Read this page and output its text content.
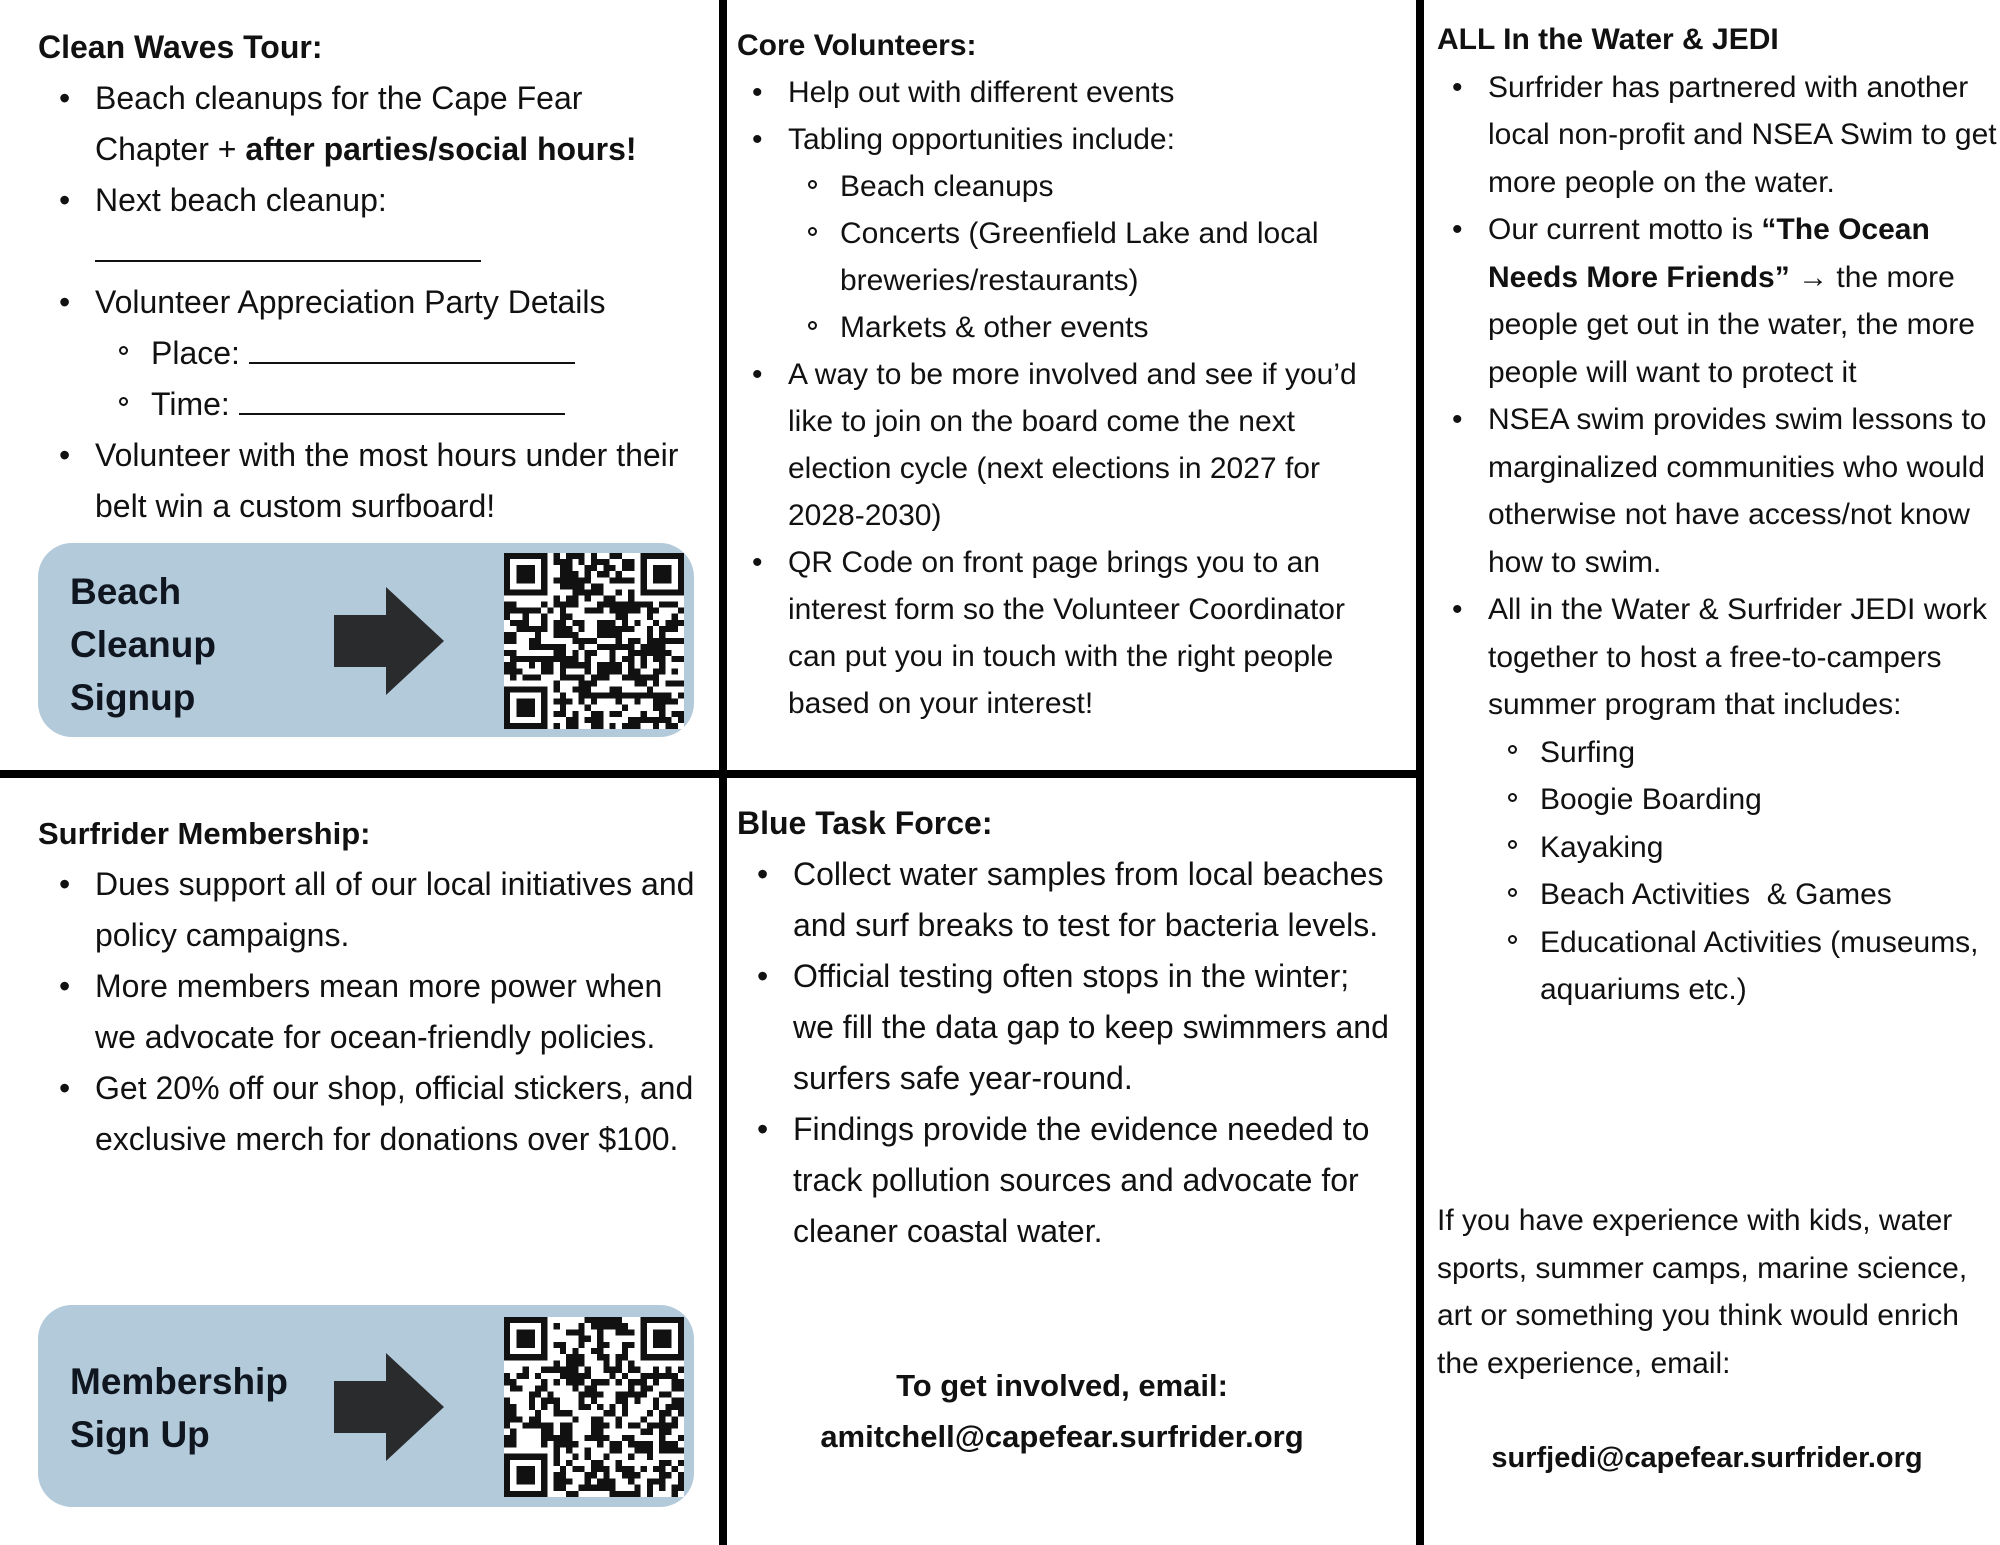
Clean Waves Tour:

• Beach cleanups for the Cape Fear Chapter + after parties/social hours!
• Next beach cleanup:

• Volunteer Appreciation Party Details
Place:
Time:
• Volunteer with the most hours under their belt win a custom surfboard!
Beach
Cleanup
Signup

Core Volunteers:

• Help out with different events
• Tabling opportunities include:
Beach cleanups
Concerts (Greenfield Lake and local breweries/restaurants)
Markets & other events
• A way to be more involved and see if you’d like to join on the board come the next election cycle (next elections in 2027 for 2028-2030)
• QR Code on front page brings you to an interest form so the Volunteer Coordinator can put you in touch with the right people based on your interest!

ALL In the Water & JEDI

• Surfrider has partnered with another local non-profit and NSEA Swim to get more people on the water.
• Our current motto is “The Ocean Needs More Friends” → the more people get out in the water, the more people will want to protect it
• NSEA swim provides swim lessons to marginalized communities who would otherwise not have access/not know how to swim.
• All in the Water & Surfrider JEDI work together to host a free-to-campers summer program that includes:
Surfing
Boogie Boarding
Kayaking
Beach Activities  & Games
Educational Activities (museums, aquariums etc.)
If you have experience with kids, water sports, summer camps, marine science, art or something you think would enrich the experience, email:
surfjedi@capefear.surfrider.org

Surfrider Membership:

• Dues support all of our local initiatives and policy campaigns.
• More members mean more power when we advocate for ocean-friendly policies.
• Get 20% off our shop, official stickers, and exclusive merch for donations over $100.
Membership
Sign Up

Blue Task Force:

• Collect water samples from local beaches and surf breaks to test for bacteria levels.
• Official testing often stops in the winter; we fill the data gap to keep swimmers and surfers safe year-round.
• Findings provide the evidence needed to track pollution sources and advocate for cleaner coastal water.
To get involved, email:
amitchell@capefear.surfrider.org
